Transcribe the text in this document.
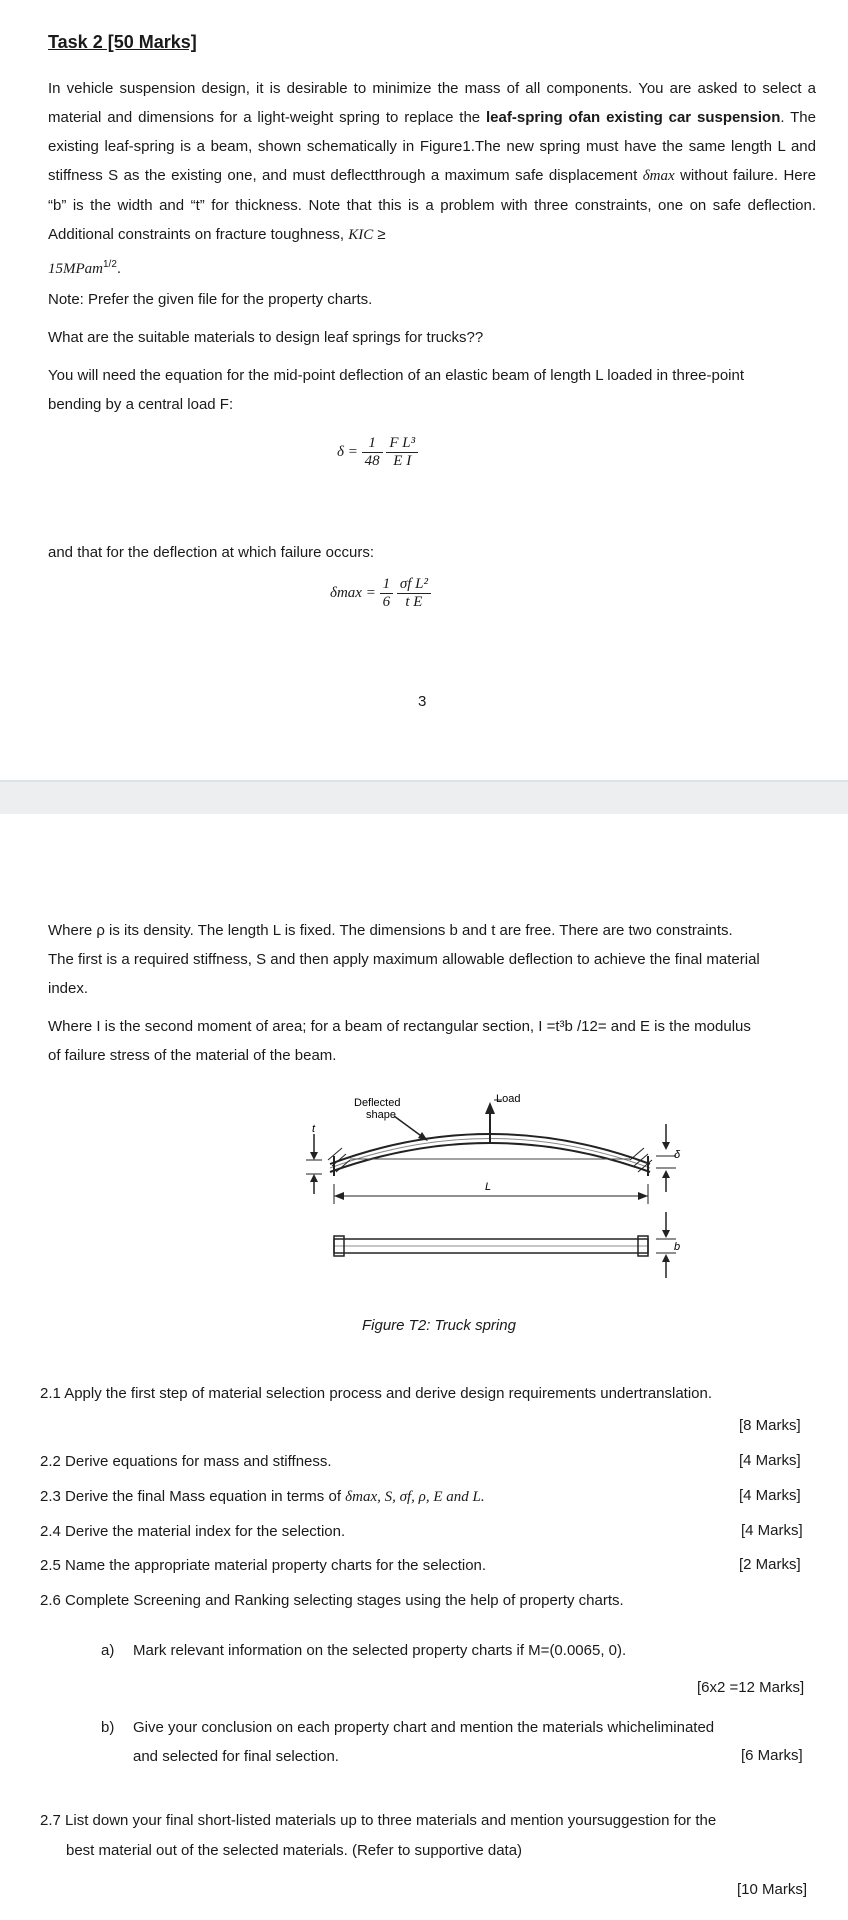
Task 2 [50 Marks]
In vehicle suspension design, it is desirable to minimize the mass of all components. You are asked to select a material and dimensions for a light-weight spring to replace the leaf-spring ofan existing car suspension. The existing leaf-spring is a beam, shown schematically in Figure1.The new spring must have the same length L and stiffness S as the existing one, and must deflectthrough a maximum safe displacement δmax without failure. Here “b” is the width and “t” for thickness. Note that this is a problem with three constraints, one on safe deflection. Additional constraints on fracture toughness, KIC ≥
15MPam$^{1/2}$.
Note: Prefer the given file for the property charts.
What are the suitable materials to design leaf springs for trucks??
You will need the equation for the mid-point deflection of an elastic beam of length L loaded in three-point
bending by a central load F:
$\delta = \frac{1}{48}$
$\frac{\text{F L³}}{\text{E I}}$
and that for the deflection at which failure occurs:
$\delta\max = \frac{1}{6}$
$\frac{\text{σf L²}}{\text{t E}}$
3
Where ρ is its density. The length L is fixed. The dimensions b and t are free. There are two constraints.
The first is a required stiffness, S and then apply maximum allowable deflection to achieve the final material
index.
Where I is the second moment of area; for a beam of rectangular section, I =t³b /12= and E is the modulus
of failure stress of the material of the beam.
t
δ
Load
Deflected
shape
L
b
Figure T2: Truck spring
2.1 Apply the first step of material selection process and derive design requirements undertranslation.
[8 Marks]
2.2 Derive equations for mass and stiffness.	[4 Marks]
2.3 Derive the final Mass equation in terms of δmax, S, σf, ρ, E and L.	[4 Marks]
2.4 Derive the material index for the selection.	[4 Marks]
2.5 Name the appropriate material property charts for the selection.	[2 Marks]
2.6 Complete Screening and Ranking selecting stages using the help of property charts.
a) Mark relevant information on the selected property charts if M=(0.0065, 0).
[6x2 =12 Marks]
b) Give your conclusion on each property chart and mention the materials whicheliminated
and selected for final selection.	[6 Marks]
2.7 List down your final short-listed materials up to three materials and mention yoursuggestion for the
best material out of the selected materials. (Refer to supportive data)
[10 Marks]
